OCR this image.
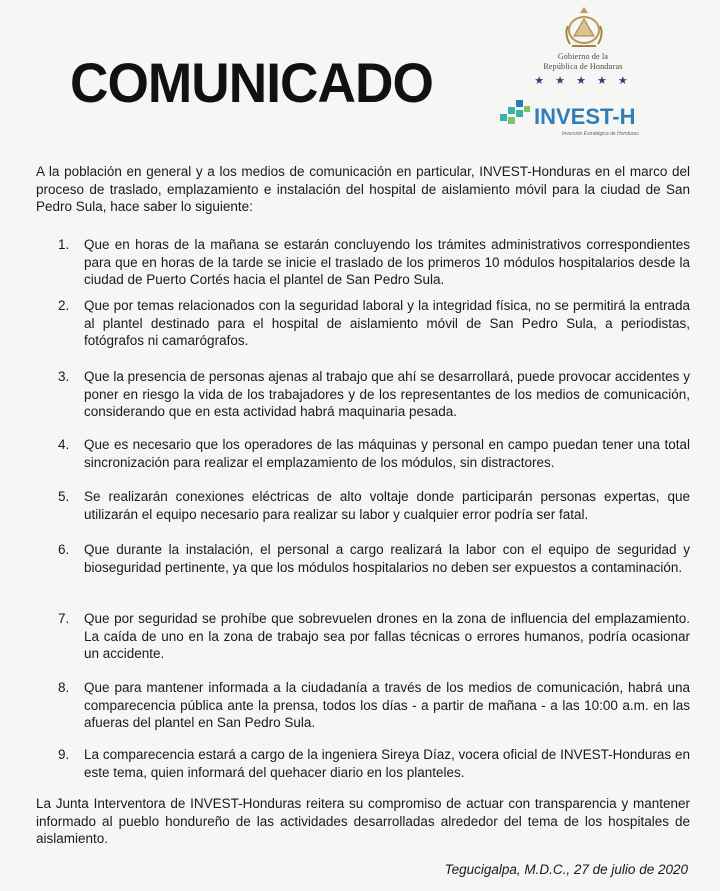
COMUNICADO	Gobierno de la
República de Honduras
★ ★ ★ ★ ★
INVEST-H
Inversión Estratégica de Honduras
A la población en general y a los medios de comunicación en particular, INVEST-Honduras en el marco del proceso de traslado, emplazamiento e instalación del hospital de aislamiento móvil para la ciudad de San Pedro Sula, hace saber lo siguiente:
1.	Que en horas de la mañana se estarán concluyendo los trámites administrativos correspondientes para que en horas de la tarde se inicie el traslado de los primeros 10 módulos hospitalarios desde la ciudad de Puerto Cortés hacia el plantel de San Pedro Sula.
2.	Que por temas relacionados con la seguridad laboral y la integridad física, no se permitirá la entrada al plantel destinado para el hospital de aislamiento móvil de San Pedro Sula, a periodistas, fotógrafos ni camarógrafos.
3.	Que la presencia de personas ajenas al trabajo que ahí se desarrollará, puede provocar accidentes y poner en riesgo la vida de los trabajadores y de los representantes de los medios de comunicación, considerando que en esta actividad habrá maquinaria pesada.
4.	Que es necesario que los operadores de las máquinas y personal en campo puedan tener una total sincronización para realizar el emplazamiento de los módulos, sin distractores.
5.	Se realizarán conexiones eléctricas de alto voltaje donde participarán personas expertas, que utilizarán el equipo necesario para realizar su labor y cualquier error podría ser fatal.
6.	Que durante la instalación, el personal a cargo realizará la labor con el equipo de seguridad y bioseguridad pertinente, ya que los módulos hospitalarios no deben ser expuestos a contaminación.
7.	Que por seguridad se prohíbe que sobrevuelen drones en la zona de influencia del emplazamiento. La caída de uno en la zona de trabajo sea por fallas técnicas o errores humanos, podría ocasionar un accidente.
8.	Que para mantener informada a la ciudadanía a través de los medios de comunicación, habrá una comparecencia pública ante la prensa, todos los días - a partir de mañana - a las 10:00 a.m. en las afueras del plantel en San Pedro Sula.
9.	La comparecencia estará a cargo de la ingeniera Sireya Díaz, vocera oficial de INVEST-Honduras en este tema, quien informará del quehacer diario en los planteles.
La Junta Interventora de INVEST-Honduras reitera su compromiso de actuar con transparencia y mantener informado al pueblo hondureño de las actividades desarrolladas alrededor del tema de los hospitales de aislamiento.
Tegucigalpa, M.D.C., 27 de julio de 2020
